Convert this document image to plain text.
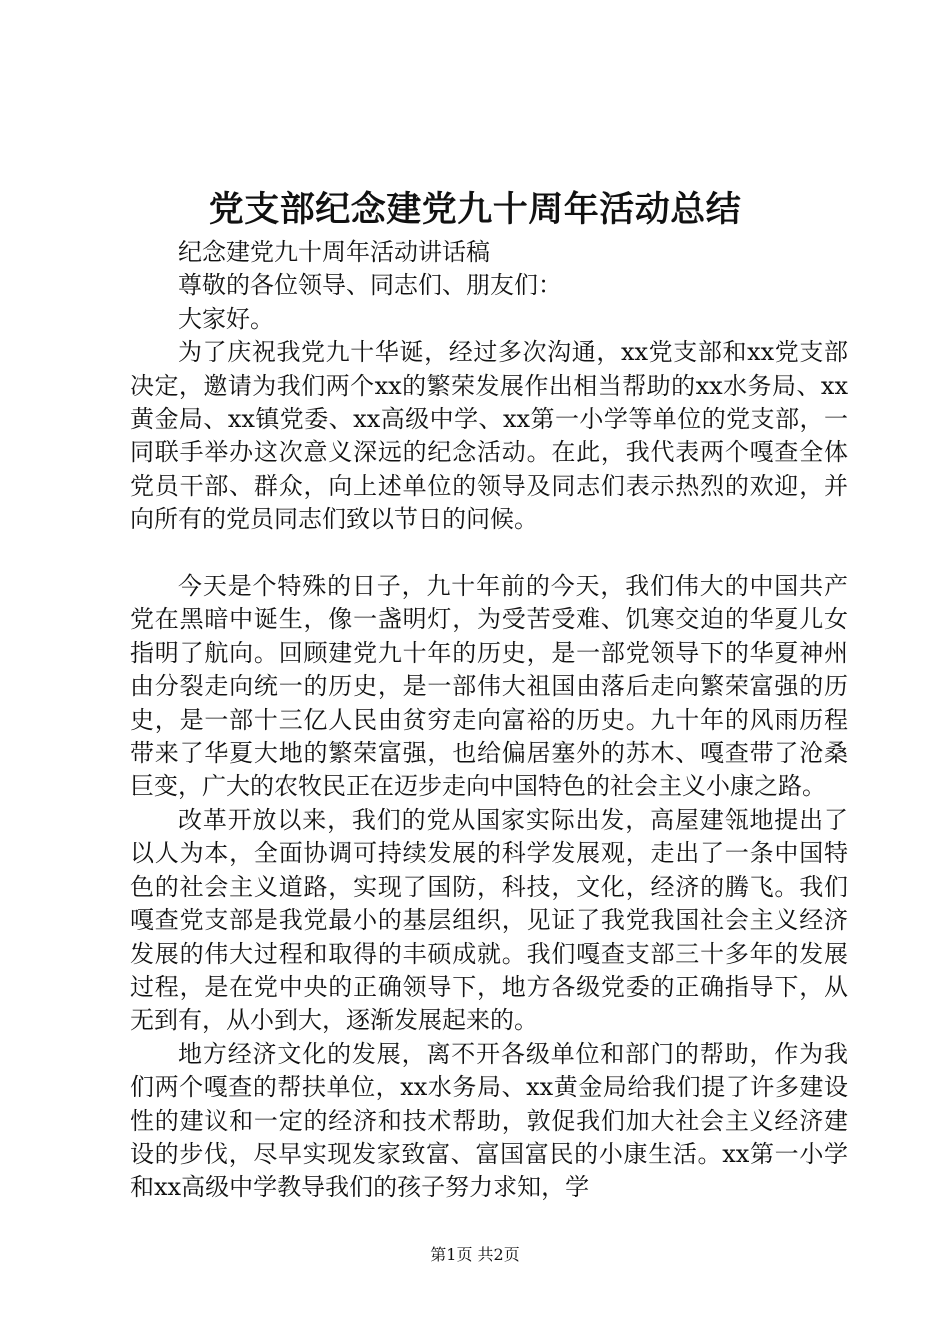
党支部纪念建党九十周年活动总结

纪念建党九十周年活动讲话稿

尊敬的各位领导、同志们、朋友们：

大家好。

为了庆祝我党九十华诞，经过多次沟通，xx党支部和xx党支部决定，邀请为我们两个xx的繁荣发展作出相当帮助的xx水务局、xx黄金局、xx镇党委、xx高级中学、xx第一小学等单位的党支部，一同联手举办这次意义深远的纪念活动。在此，我代表两个嘎查全体党员干部、群众，向上述单位的领导及同志们表示热烈的欢迎，并向所有的党员同志们致以节日的问候。

今天是个特殊的日子，九十年前的今天，我们伟大的中国共产党在黑暗中诞生，像一盏明灯，为受苦受难、饥寒交迫的华夏儿女指明了航向。回顾建党九十年的历史，是一部党领导下的华夏神州由分裂走向统一的历史，是一部伟大祖国由落后走向繁荣富强的历史，是一部十三亿人民由贫穷走向富裕的历史。九十年的风雨历程带来了华夏大地的繁荣富强，也给偏居塞外的苏木、嘎查带了沧桑巨变，广大的农牧民正在迈步走向中国特色的社会主义小康之路。

改革开放以来，我们的党从国家实际出发，高屋建瓴地提出了以人为本，全面协调可持续发展的科学发展观，走出了一条中国特色的社会主义道路，实现了国防，科技，文化，经济的腾飞。我们嘎查党支部是我党最小的基层组织，见证了我党我国社会主义经济发展的伟大过程和取得的丰硕成就。我们嘎查支部三十多年的发展过程，是在党中央的正确领导下，地方各级党委的正确指导下，从无到有，从小到大，逐渐发展起来的。

地方经济文化的发展，离不开各级单位和部门的帮助，作为我们两个嘎查的帮扶单位，xx水务局、xx黄金局给我们提了许多建设性的建议和一定的经济和技术帮助，敦促我们加大社会主义经济建设的步伐，尽早实现发家致富、富国富民的小康生活。xx第一小学和xx高级中学教导我们的孩子努力求知，学

第1页 共2页
